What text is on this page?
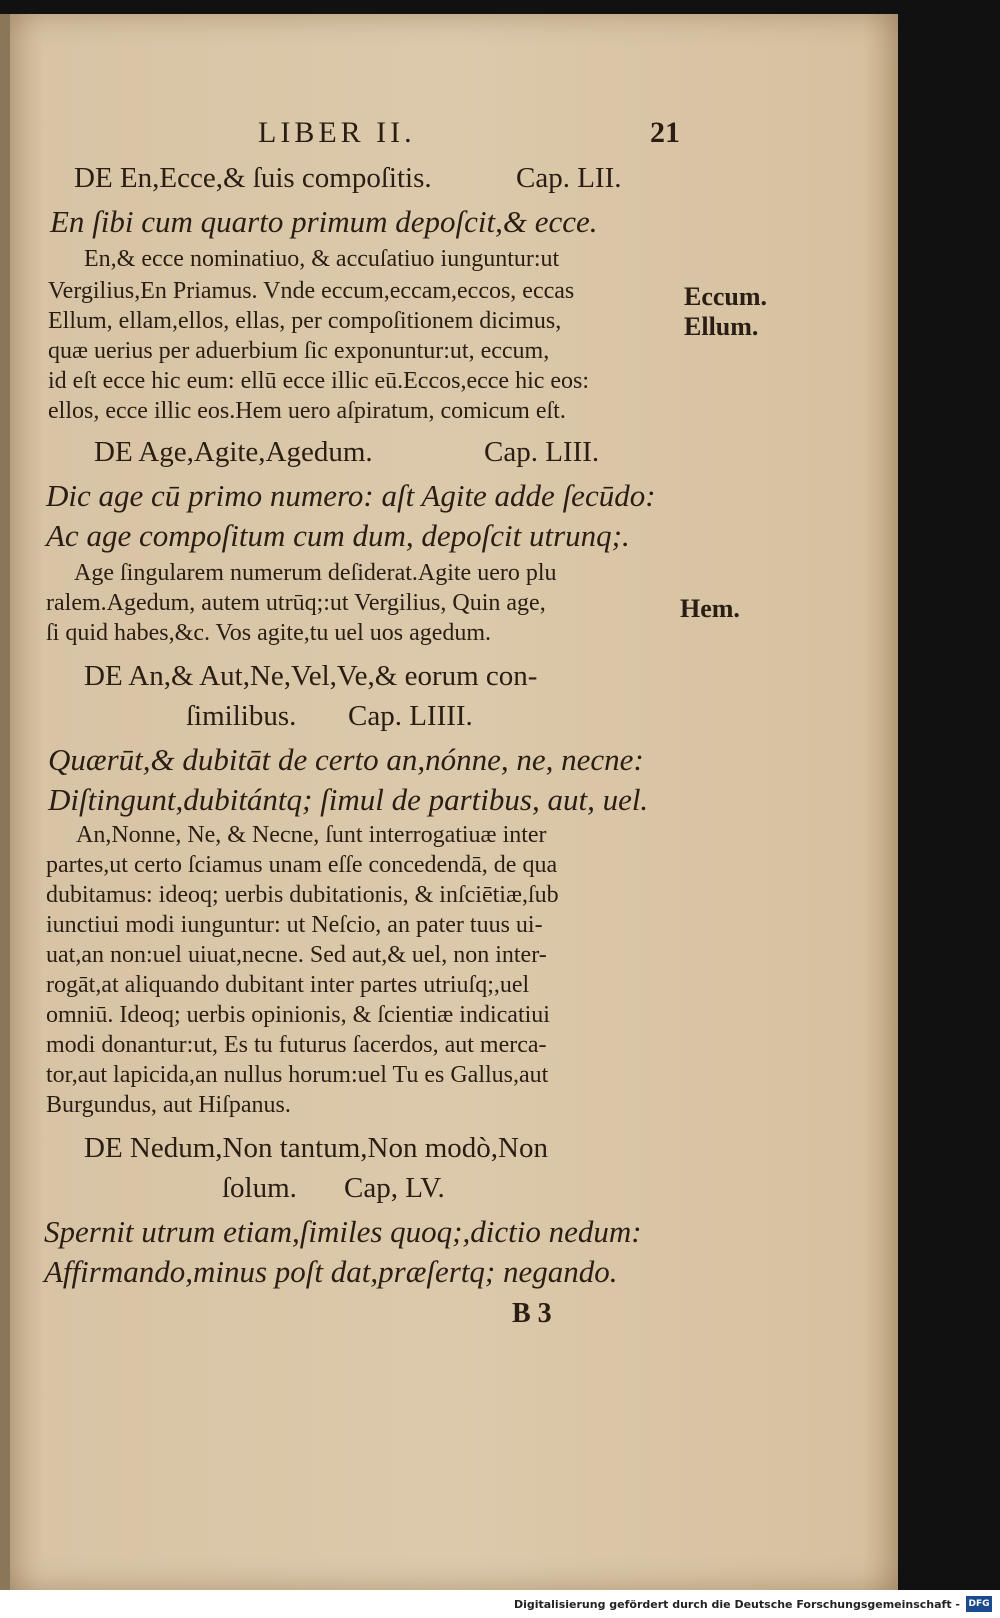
LIBER II.	21
DE En,Ecce,& ſuis compoſitis.	Cap. LII.
En ſibi cum quarto primum depoſcit,& ecce.
En,& ecce nominatiuo, & accuſatiuo iunguntur:ut
Vergilius,En Priamus. Vnde eccum,eccam,eccos, eccas
Ellum, ellam,ellos, ellas, per compoſitionem dicimus,
quæ uerius per aduerbium ſic exponuntur:ut, eccum,
id eſt ecce hic eum: ellū ecce illic eū.Eccos,ecce hic eos:
ellos, ecce illic eos.Hem uero aſpiratum, comicum eſt.
Eccum.
Ellum.
DE Age,Agite,Agedum.	Cap. LIII.
Dic age cū primo numero: aſt Agite adde ſecūdo:
Ac age compoſitum cum dum, depoſcit utrunq;.
Age ſingularem numerum deſiderat.Agite uero plu
ralem.Agedum, autem utrūq;:ut Vergilius, Quin age,
ſi quid habes,&c. Vos agite,tu uel uos agedum.
Hem.
DE An,& Aut,Ne,Vel,Ve,& eorum con-
ſimilibus. Cap. LIIII.
Quærūt,& dubitāt de certo an,nónne, ne, necne:
Diſtingunt,dubitántq; ſimul de partibus, aut, uel.
An,Nonne, Ne, & Necne, ſunt interrogatiuæ inter
partes,ut certo ſciamus unam eſſe concedendā, de qua
dubitamus: ideoq; uerbis dubitationis, & inſciētiæ,ſub
iunctiui modi iunguntur: ut Neſcio, an pater tuus ui-
uat,an non:uel uiuat,necne. Sed aut,& uel, non inter-
rogāt,at aliquando dubitant inter partes utriuſq;,uel
omniū. Ideoq; uerbis opinionis, & ſcientiæ indicatiui
modi donantur:ut, Es tu futurus ſacerdos, aut merca-
tor,aut lapicida,an nullus horum:uel Tu es Gallus,aut
Burgundus, aut Hiſpanus.
DE Nedum,Non tantum,Non modò,Non
ſolum. Cap, LV.
Spernit utrum etiam,ſimiles quoq;,dictio nedum:
Affirmando,minus poſt dat,præſertq; negando.
B 3
Digitalisierung gefördert durch die Deutsche Forschungsgemeinschaft - DFG
